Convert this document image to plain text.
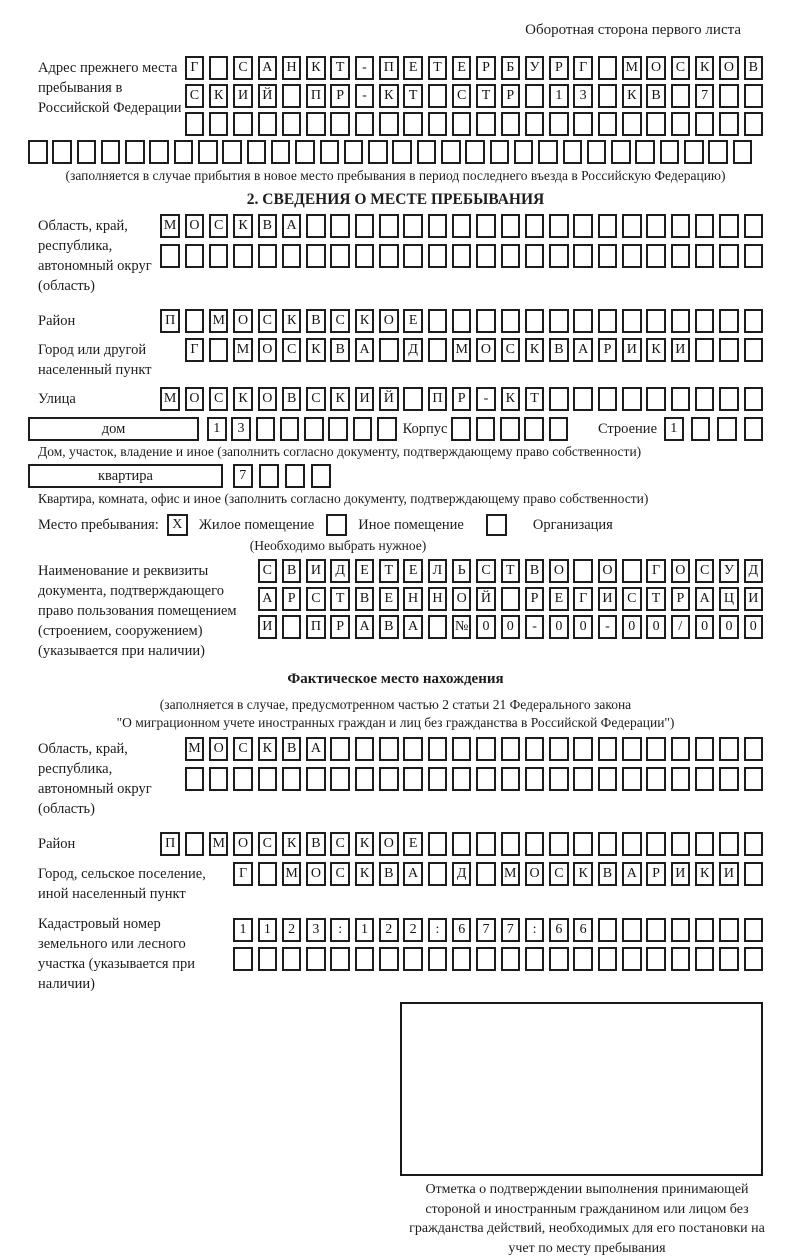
Оборотная сторона первого листа
Адрес прежнего места пребывания в Российской Федерации
Г	С	А	Н	К	Т	-	П	Е	Т	Е	Р	Б	У	Р	Г	М О	С	К	О	В
С	К	И	Й	П	Р	-	К	Т	С	Т	Р	1	3	К	В	7
(заполняется в случае прибытия в новое место пребывания в период последнего въезда в Российскую Федерацию)
2. СВЕДЕНИЯ О МЕСТЕ ПРЕБЫВАНИЯ
Область, край, республика, автономный округ (область)
М О	С	К	В	А
Район	П	М О	С	К	В	С	К	О	Е
Город или другой населенный пункт
Г	М О	С	К	В	А	Д	М О	С	К	В	А	Р	И	К	И
Улица	М О	С	К	О	В	С	К	И	Й	П	Р	-	К	Т
дом	1	3	Корпус	Строение 1
Дом, участок, владение и иное (заполнить согласно документу, подтверждающему право собственности)
квартира	7
Квартира, комната, офис и иное (заполнить согласно документу, подтверждающему право собственности)
Место пребывания: X	Жилое помещение	Иное помещение	Организация
(Необходимо выбрать нужное)
Наименование и реквизиты документа, подтверждающего право пользования помещением (строением, сооружением) (указывается при наличии)
С	В	И	Д	Е	Т	Е	Л	Ь	С	Т	В	О	О	Г	О	С	У	Д
А	Р	С	Т	В	Е	Н	Н	О	Й	Р	Е	Г	И	С	Т	Р	А	Ц	И
И	П	Р	А	В	А	№	0	0	-	0	0	-	0	0	/	0	0	0
Фактическое место нахождения
(заполняется в случае, предусмотренном частью 2 статьи 21 Федерального закона
"О миграционном учете иностранных граждан и лиц без гражданства в Российской Федерации")
Область, край, республика, автономный округ (область)
М О	С	К	В	А
Район	П	М О	С	К	В	С	К	О	Е
Город, сельское поселение, иной населенный пункт
Г	М О	С	К	В	А	Д	М О	С	К	В	А	Р	И	К	И
Кадастровый номер земельного или лесного участка (указывается при наличии)
1	1	2	3	:	1	2	2	:	6	7	7	:	6	6
Отметка о подтверждении выполнения принимающей стороной и иностранным гражданином или лицом без гражданства действий, необходимых для его постановки на учет по месту пребывания
